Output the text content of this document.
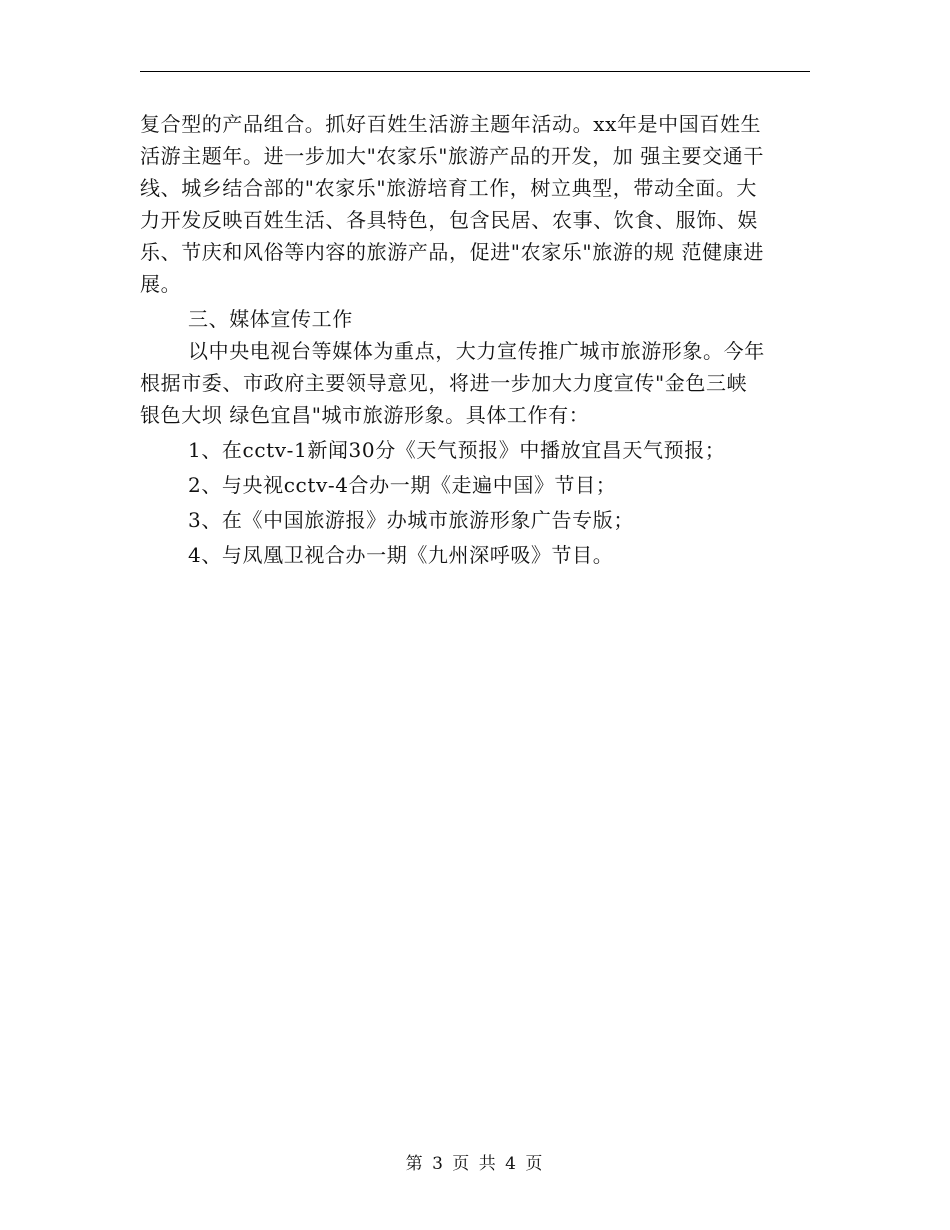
复合型的产品组合。抓好百姓生活游主题年活动。xx年是中国百姓生
活游主题年。进一步加大"农家乐"旅游产品的开发，加 强主要交通干
线、城乡结合部的"农家乐"旅游培育工作，树立典型，带动全面。大
力开发反映百姓生活、各具特色，包含民居、农事、饮食、服饰、娱
乐、节庆和风俗等内容的旅游产品，促进"农家乐"旅游的规 范健康进
展。
三、媒体宣传工作
以中央电视台等媒体为重点，大力宣传推广城市旅游形象。今年
根据市委、市政府主要领导意见，将进一步加大力度宣传"金色三峡
银色大坝 绿色宜昌"城市旅游形象。具体工作有：
1、在cctv-1新闻30分《天气预报》中播放宜昌天气预报；
2、与央视cctv-4合办一期《走遍中国》节目；
3、在《中国旅游报》办城市旅游形象广告专版；
4、与凤凰卫视合办一期《九州深呼吸》节目。
第 3 页 共 4 页
